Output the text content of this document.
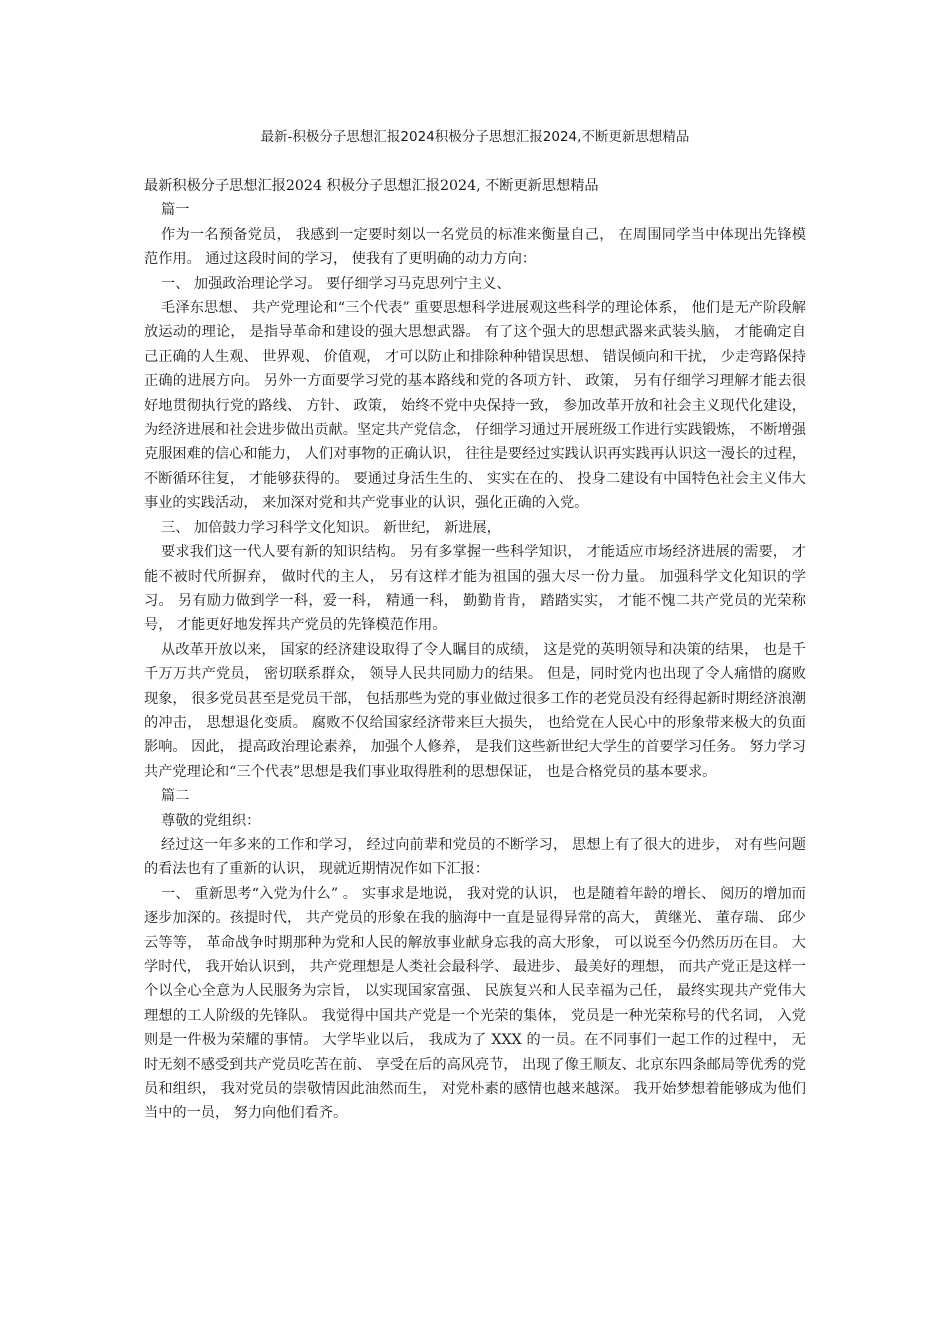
最新-积极分子思想汇报2024积极分子思想汇报2024,不断更新思想精品

最新积极分子思想汇报2024 积极分子思想汇报2024, 不断更新思想精品

篇一

作为一名预备党员， 我感到一定要时刻以一名党员的标准来衡量自己， 在周围同学当中体现出先锋模范作用。 通过这段时间的学习， 使我有了更明确的动力方向：

一、 加强政治理论学习。 要仔细学习马克思列宁主义、

毛泽东思想、 共产党理论和“三个代表” 重要思想科学进展观这些科学的理论体系， 他们是无产阶段解放运动的理论， 是指导革命和建设的强大思想武器。 有了这个强大的思想武器来武装头脑， 才能确定自己正确的人生观、 世界观、 价值观， 才可以防止和排除种种错误思想、 错误倾向和干扰， 少走弯路保持正确的进展方向。 另外一方面要学习党的基本路线和党的各项方针、 政策， 另有仔细学习理解才能去很好地贯彻执行党的路线、 方针、 政策， 始终不党中央保持一致， 参加改革开放和社会主义现代化建设，为经济进展和社会进步做出贡献。坚定共产党信念， 仔细学习通过开展班级工作进行实践锻炼， 不断增强克服困难的信心和能力， 人们对事物的正确认识， 往往是要经过实践认识再实践再认识这一漫长的过程， 不断循环往复， 才能够获得的。 要通过身活生生的、 实实在在的、 投身二建设有中国特色社会主义伟大事业的实践活动， 来加深对党和共产党事业的认识，强化正确的入党。

三、 加倍鼓力学习科学文化知识。 新世纪， 新进展，

要求我们这一代人要有新的知识结构。 另有多掌握一些科学知识， 才能适应市场经济进展的需要， 才能不被时代所摒弃， 做时代的主人， 另有这样才能为祖国的强大尽一份力量。 加强科学文化知识的学习。 另有励力做到学一科，爱一科， 精通一科， 勤勤肯肯， 踏踏实实， 才能不愧二共产党员的光荣称号， 才能更好地发挥共产党员的先锋模范作用。

从改革开放以来， 国家的经济建设取得了令人瞩目的成绩， 这是党的英明领导和决策的结果， 也是千千万万共产党员， 密切联系群众， 领导人民共同励力的结果。 但是，同时党内也出现了令人痛惜的腐败现象， 很多党员甚至是党员干部， 包括那些为党的事业做过很多工作的老党员没有经得起新时期经济浪潮的冲击， 思想退化变质。 腐败不仅给国家经济带来巨大损失， 也给党在人民心中的形象带来极大的负面影响。 因此， 提高政治理论素养， 加强个人修养， 是我们这些新世纪大学生的首要学习任务。 努力学习共产党理论和“三个代表”思想是我们事业取得胜利的思想保证， 也是合格党员的基本要求。

篇二

尊敬的党组织：

经过这一年多来的工作和学习， 经过向前辈和党员的不断学习， 思想上有了很大的进步， 对有些问题的看法也有了重新的认识， 现就近期情况作如下汇报：

一、 重新思考“入党为什么” 。 实事求是地说， 我对党的认识， 也是随着年龄的增长、 阅历的增加而逐步加深的。孩提时代， 共产党员的形象在我的脑海中一直是显得异常的高大， 黄继光、 董存瑞、 邱少云等等， 革命战争时期那种为党和人民的解放事业献身忘我的高大形象， 可以说至今仍然历历在目。 大学时代， 我开始认识到， 共产党理想是人类社会最科学、 最进步、 最美好的理想， 而共产党正是这样一个以全心全意为人民服务为宗旨， 以实现国家富强、 民族复兴和人民幸福为己任， 最终实现共产党伟大理想的工人阶级的先锋队。 我觉得中国共产党是一个光荣的集体， 党员是一种光荣称号的代名词， 入党则是一件极为荣耀的事情。 大学毕业以后， 我成为了 XXX 的一员。在不同事们一起工作的过程中， 无时无刻不感受到共产党员吃苦在前、 享受在后的高风亮节， 出现了像王顺友、北京东四条邮局等优秀的党员和组织， 我对党员的崇敬情因此油然而生， 对党朴素的感情也越来越深。 我开始梦想着能够成为他们当中的一员， 努力向他们看齐。
